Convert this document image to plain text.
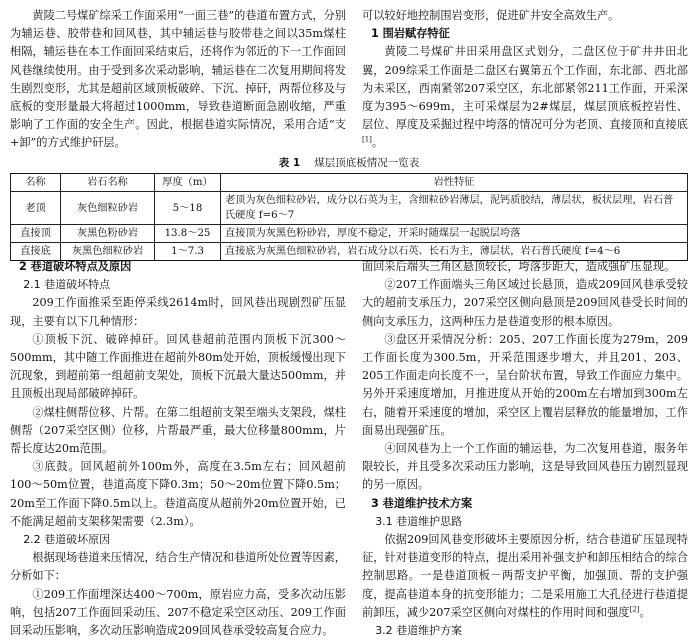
黄陵二号煤矿综采工作面采用“一面三巷”的巷道布置方式，分别为辅运巷、胶带巷和回风巷，其中辅运巷与胶带巷之间以35m煤柱相隔，辅运巷在本工作面回采结束后，还将作为邻近的下一工作面回风巷继续使用。由于受到多次采动影响，辅运巷在二次复用期间将发生剧烈变形，尤其是超前区域顶板破碎、下沉、掉矸，两帮位移及与底板的变形量最大将超过1000mm，导致巷道断面急剧收缩，严重影响了工作面的安全生产。因此，根据巷道实际情况，采用合适“支+卸”的方式维护矸层。

可以较好地控制围岩变形，促进矿井安全高效生产。

1 围岩赋存特征

黄陵二号煤矿井田采用盘区式划分，二盘区位于矿井井田北翼，209综采工作面是二盘区右翼第五个工作面，东北部、西北部为未采区，西南紧邻207采空区，东北部紧邻211工作面，开采深度为395～699m，主可采煤层为2#煤层，煤层顶底板控岩性、层位、厚度及采掘过程中垮落的情况可分为老顶、直接顶和直接底[1]。

表 1 煤层顶底板情况一览表
名称	岩石名称	厚度（m）	岩性特征
老顶	灰色细粒砂岩	5～18	老顶为灰色细粒砂岩，成分以石英为主，含细粒砂岩薄层，泥钙质胶结，薄层状，板状层理，岩石普氏硬度 f=6～7
直接顶	灰黑色粉砂岩	13.8～25	直接顶为灰黑色粉砂岩，厚度不稳定，开采时随煤层一起脱层垮落
直接底	灰黑色细粒砂岩	1～7.3	直接底为灰黑色细粒砂岩，岩石成分以石英、长石为主，薄层状，岩石普氏硬度 f=4～6
2 巷道破坏特点及原因
2.1 巷道破坏特点

209工作面推采至距停采线2614m时，回风巷出现剧烈矿压显现，主要有以下几种情形：

①顶板下沉、破碎掉矸。回风巷超前范围内顶板下沉300～500mm，其中随工作面推进在超前外80m处开始，顶板缓慢出现下沉现象，到超前第一组超前支架处，顶板下沉最大量达500mm，并且顶板出现局部破碎掉矸。

②煤柱侧帮位移、片帮。在第二组超前支架至端头支架段，煤柱侧帮（207采空区侧）位移，片帮最严重，最大位移量800mm，片帮长度达20m范围。

③底鼓。回风超前外100m外，高度在3.5m左右；回风超前100～50m位置，巷道高度下降0.3m；50～20m位置下降0.5m；20m至工作面下降0.5m以上。巷道高度从超前外20m位置开始，已不能满足超前支架移架需要（2.3m）。

2.2 巷道破坏原因

根据现场巷道来压情况，结合生产情况和巷道所处位置等因素，分析如下：

①209工作面埋深达400～700m，原岩应力高，受多次动压影响，包括207工作面回采动压、207不稳定采空区动压、209工作面回采动压影响，多次动压影响造成209回风巷承受较高复合应力。

面回采后端头三角区悬顶较长，垮落步距大，造成强矿压显现。

②207工作面端头三角区域过长悬顶，造成209回风巷承受较大的超前支承压力，207采空区侧向悬顶是209回风巷受长时间的侧向支承压力，这两种压力是巷道变形的根本原因。

③盘区开采情况分析：205、207工作面长度为279m，209工作面长度为300.5m，开采范围逐步增大，并且201、203、205工作面走向长度不一，呈台阶状布置，导致工作面应力集中。另外开采速度增加，月推进度从开始的200m左右增加到300m左右，随着开采速度的增加，采空区上覆岩层释放的能量增加，工作面易出现强矿压。

④回风巷为上一个工作面的辅运巷，为二次复用巷道，服务年限较长，并且受多次采动压力影响，这是导致回风巷压力剧烈显现的另一原因。

3 巷道维护技术方案
3.1 巷道维护思路

依据209回风巷变形破坏主要原因分析，结合巷道矿压显现特征，针对巷道变形的特点，提出采用补强支护和卸压相结合的综合控制思路。一是巷道顶板－两帮支护平衡，加强顶、帮的支护强度，提高巷道本身的抗变形能力；二是采用施工大孔径进行巷道提前卸压，减少207采空区侧向对煤柱的作用时间和强度[2]。

3.2 巷道维护方案
